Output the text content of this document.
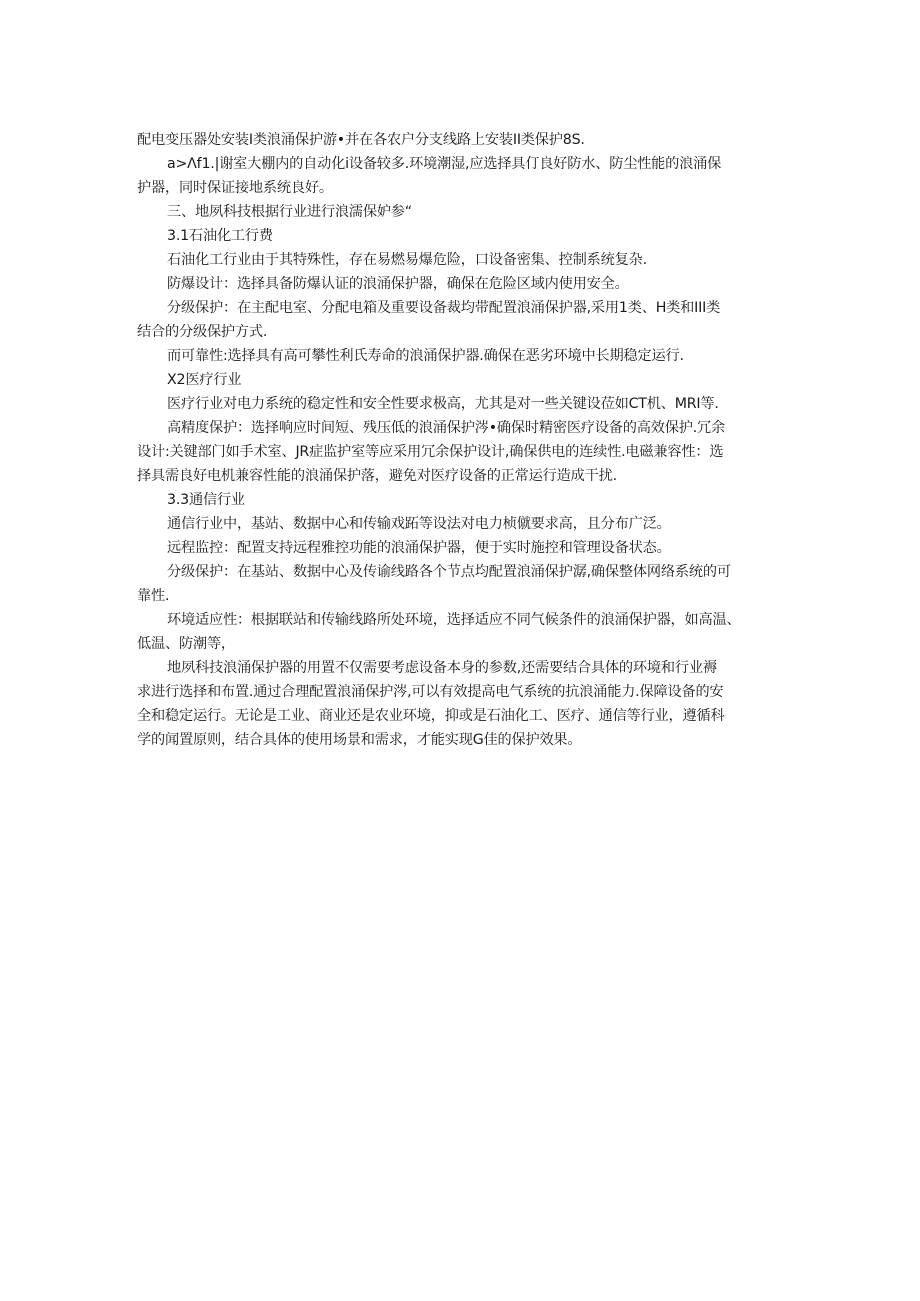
配电变压器处安装I类浪涌保护游•并在各农户分支线路上安装II类保护8S.
a>Λf1.|谢室大棚内的自动化i设备较多.环境潮湿,应选择具仃良好防水、防尘性能的浪涌保
护器，同时保证接地系统良好。
三、地夙科技根据行业进行浪濡保妒参“
3.1石油化工行费
石油化工行业由于其特殊性，存在易燃易爆危险，口设备密集、控制系统复杂.
防爆设计：选择具备防爆认证的浪涌保护器，确保在危险区域内使用安全。
分级保护：在主配电室、分配电箱及重要设备裁均带配置浪涌保护器,采用1类、H类和III类
结合的分级保护方式.
而可靠性:选择具有高可攀性利氏寿命的浪涌保护器.确保在恶劣环境中长期稳定运行.
X2医疗行业
医疗行业对电力系统的稳定性和安全性要求极高，尤其是对一些关键设莅如CT机、MRI等.
高精度保护：选择响应时间短、残压低的浪涌保护涔•确保时精密医疗设备的高效保护.冗余
设计:关键部门如手术室、JR症监护室等应采用冗余保护设计,确保供电的连续性.电磁兼容性：选
择具需良好电机兼容性能的浪涌保护落，避免对医疗设备的正常运行造成干扰.
3.3通信行业
通信行业中，基站、数据中心和传输戏跖等设法对电力桢僦要求高，且分布广泛。
远程监控：配置支持远程雅控功能的浪涌保护器，便于实时施控和管理设备状态。
分级保护：在基站、数据中心及传谕线路各个节点均配置浪涌保护潺,确保整体网络系统的可
靠性.
环境适应性：根据联站和传输线路所处环境，选择适应不同气候条件的浪涌保护器，如高温、
低温、防潮等，
地夙科技浪涌保护器的用置不仅需要考虑设备本身的参数,还需要结合具体的环境和行业褥
求进行选择和布置.通过合理配置浪涌保护涔,可以有效提高电气系统的抗浪涌能力.保障设备的安
全和稳定运行。无论是工业、商业还是农业环境，抑或是石油化工、医疗、通信等行业，遵循科
学的闻置原则，结合具体的使用场景和需求，才能实现G佳的保护效果。
